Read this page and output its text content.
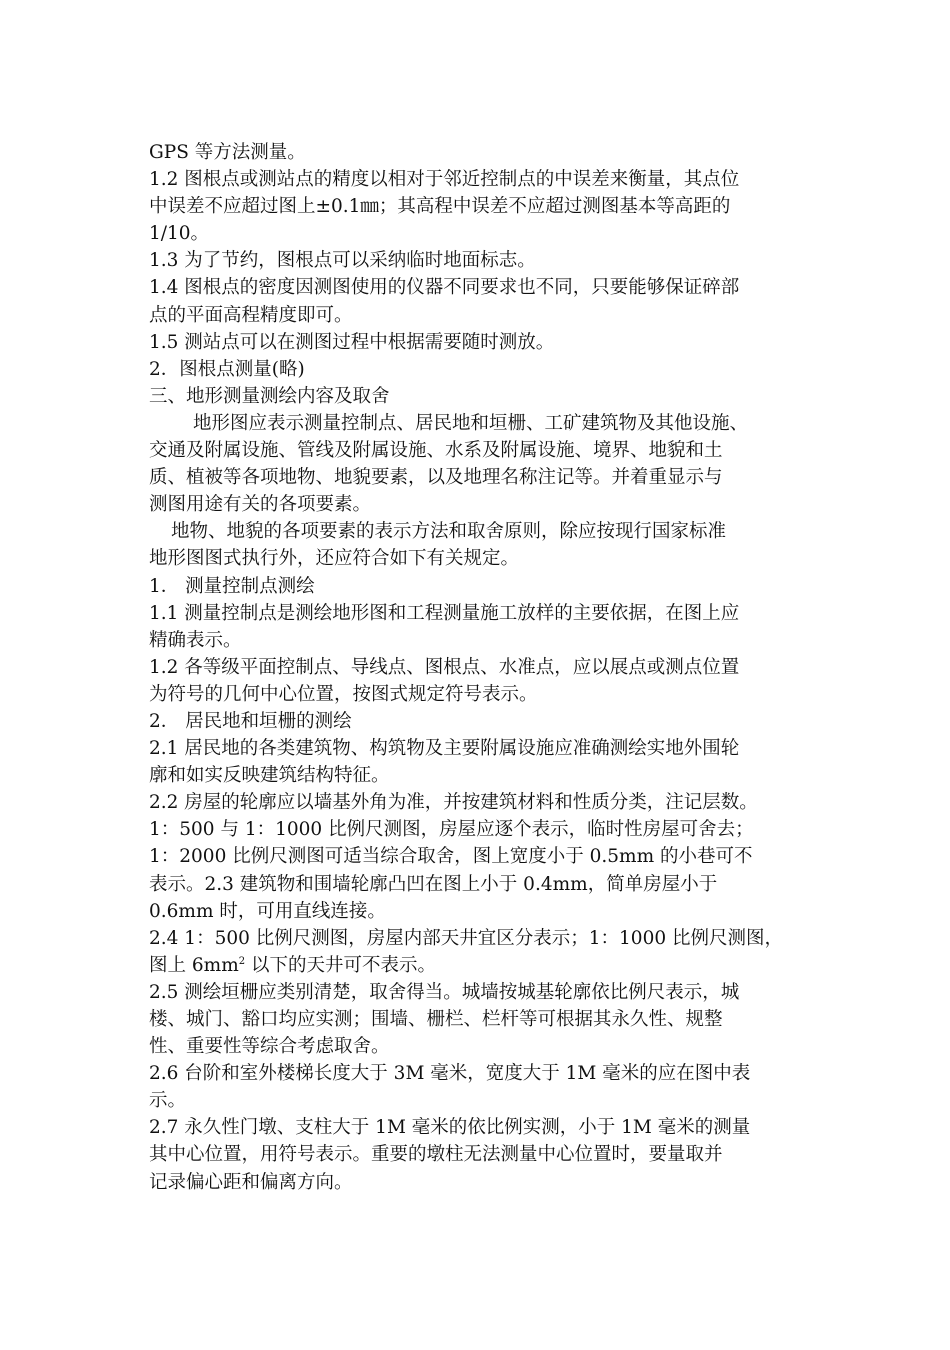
GPS 等方法测量。
1.2 图根点或测站点的精度以相对于邻近控制点的中误差来衡量，其点位
中误差不应超过图上±0.1㎜；其高程中误差不应超过测图基本等高距的
1/10。
1.3 为了节约，图根点可以采纳临时地面标志。
1.4 图根点的密度因测图使用的仪器不同要求也不同，只要能够保证碎部
点的平面高程精度即可。
1.5 测站点可以在测图过程中根据需要随时测放。
2．图根点测量(略)
三、地形测量测绘内容及取舍
地形图应表示测量控制点、居民地和垣栅、工矿建筑物及其他设施、
交通及附属设施、管线及附属设施、水系及附属设施、境界、地貌和土
质、植被等各项地物、地貌要素，以及地理名称注记等。并着重显示与
测图用途有关的各项要素。
地物、地貌的各项要素的表示方法和取舍原则，除应按现行国家标准
地形图图式执行外，还应符合如下有关规定。
1． 测量控制点测绘
1.1 测量控制点是测绘地形图和工程测量施工放样的主要依据，在图上应
精确表示。
1.2 各等级平面控制点、导线点、图根点、水准点，应以展点或测点位置
为符号的几何中心位置，按图式规定符号表示。
2． 居民地和垣栅的测绘
2.1 居民地的各类建筑物、构筑物及主要附属设施应准确测绘实地外围轮
廓和如实反映建筑结构特征。
2.2 房屋的轮廓应以墙基外角为准，并按建筑材料和性质分类，注记层数。
1：500 与 1：1000 比例尺测图，房屋应逐个表示，临时性房屋可舍去；
1：2000 比例尺测图可适当综合取舍，图上宽度小于 0.5mm 的小巷可不
表示。2.3 建筑物和围墙轮廓凸凹在图上小于 0.4mm，简单房屋小于
0.6mm 时，可用直线连接。
2.4 1：500 比例尺测图，房屋内部天井宜区分表示；1：1000 比例尺测图，
图上 $6mm^2$ 以下的天井可不表示。
2.5 测绘垣栅应类别清楚，取舍得当。城墙按城基轮廓依比例尺表示，城
楼、城门、豁口均应实测；围墙、栅栏、栏杆等可根据其永久性、规整
性、重要性等综合考虑取舍。
2.6 台阶和室外楼梯长度大于 3M 毫米，宽度大于 1M 毫米的应在图中表
示。
2.7 永久性门墩、支柱大于 1M 毫米的依比例实测，小于 1M 毫米的测量
其中心位置，用符号表示。重要的墩柱无法测量中心位置时，要量取并
记录偏心距和偏离方向。
